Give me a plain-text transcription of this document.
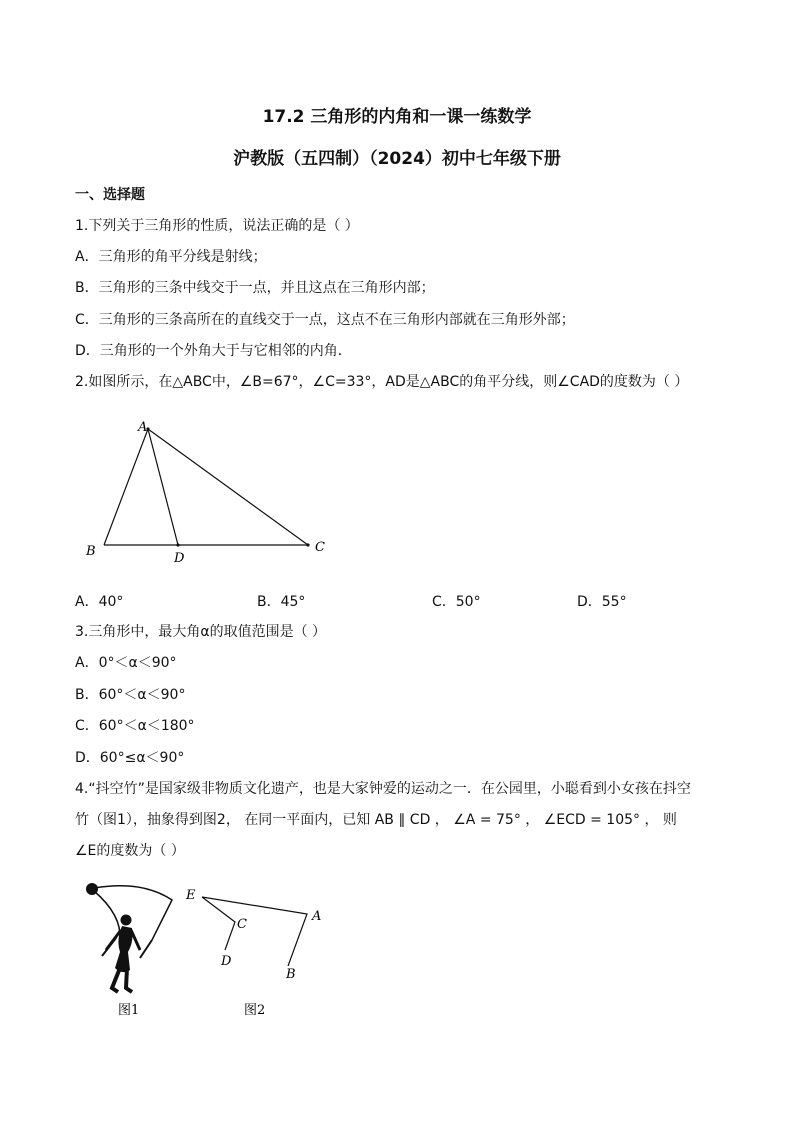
17.2 三角形的内角和一课一练数学
沪教版（五四制）（2024）初中七年级下册
一、选择题
1.下列关于三角形的性质，说法正确的是（ ）
A．三角形的角平分线是射线；
B．三角形的三条中线交于一点，并且这点在三角形内部；
C．三角形的三条高所在的直线交于一点，这点不在三角形内部就在三角形外部；
D．三角形的一个外角大于与它相邻的内角．
2.如图所示，在△ABC中，∠B=67°，∠C=33°，AD是△ABC的角平分线，则∠CAD的度数为（ ）
A
B	D
C
A．40°	B．45°	C．50°	D．55°
3.三角形中，最大角α的取值范围是（ ）
A．0°＜α＜90°
B．60°＜α＜90°
C．60°＜α＜180°
D．60°≤α＜90°
4.“抖空竹”是国家级非物质文化遗产，也是大家钟爱的运动之一．在公园里，小聪看到小女孩在抖空
竹（图1），抽象得到图2， 在同一平面内，已知 AB ∥ CD ， ∠A = 75° ， ∠ECD = 105° ， 则
∠E的度数为（ ）
图1
E
C
A
D
B
图2
